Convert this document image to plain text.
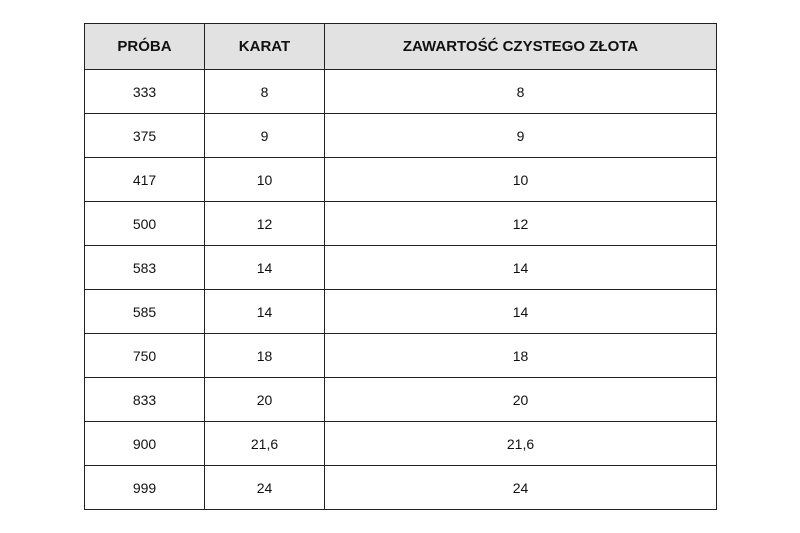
PRÓBA	KARAT	ZAWARTOŚĆ CZYSTEGO ZŁOTA
333	8	8
375	9	9
417	10	10
500	12	12
583	14	14
585	14	14
750	18	18
833	20	20
900	21,6	21,6
999	24	24
